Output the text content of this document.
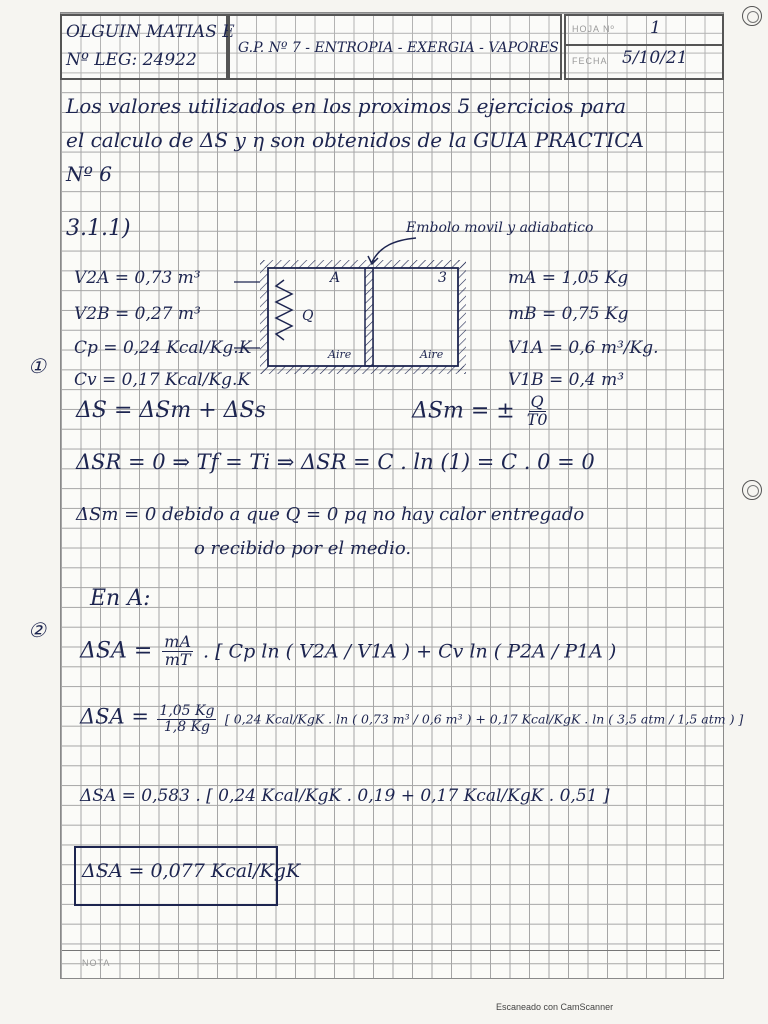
OLGUIN MATIAS E
Nº LEG: 24922
G.P. Nº 7 - ENTROPIA - EXERGIA - VAPORES
HOJA Nº 1
FECHA 5/10/21
Los valores utilizados en los proximos 5 ejercicios para
el calculo de ΔS y η son obtenidos de la GUIA PRACTICA
Nº 6
3.1.1)	Embolo movil y adiabatico
V2A = 0,73 m³
V2B = 0,27 m³
Cp = 0,24 Kcal/Kg.K
Cv = 0,17 Kcal/Kg.K
A	3
Q
Aire	Aire
mA = 1,05 Kg
mB = 0,75 Kg
V1A = 0,6 m³/Kg.
V1B = 0,4 m³
①
②
ΔS = ΔSm + ΔSs	ΔSm = ± $\frac{Q}{T0}$
ΔSR = 0 ⇒ Tf = Ti ⇒ ΔSR = C . ln (1) = C . 0 = 0
ΔSm = 0 debido a que Q = 0 pq no hay calor entregado
o recibido por el medio.
En A:
$\Delta SA = \frac{mA}{mT}$ . [ Cp ln ( V2A / V1A ) + Cv ln ( P2A / P1A )
$\Delta SA = \frac{1,05 Kg}{1,8 Kg}$ [ 0,24 Kcal/KgK . ln ( 0,73 m³ / 0,6 m³ ) + 0,17 Kcal/KgK . ln ( 3,5 atm / 1,5 atm ) ]
ΔSA = 0,583 . [ 0,24 Kcal/KgK . 0,19 + 0,17 Kcal/KgK . 0,51 ]
ΔSA = 0,077 Kcal/KgK
NOTA
Escaneado con CamScanner
